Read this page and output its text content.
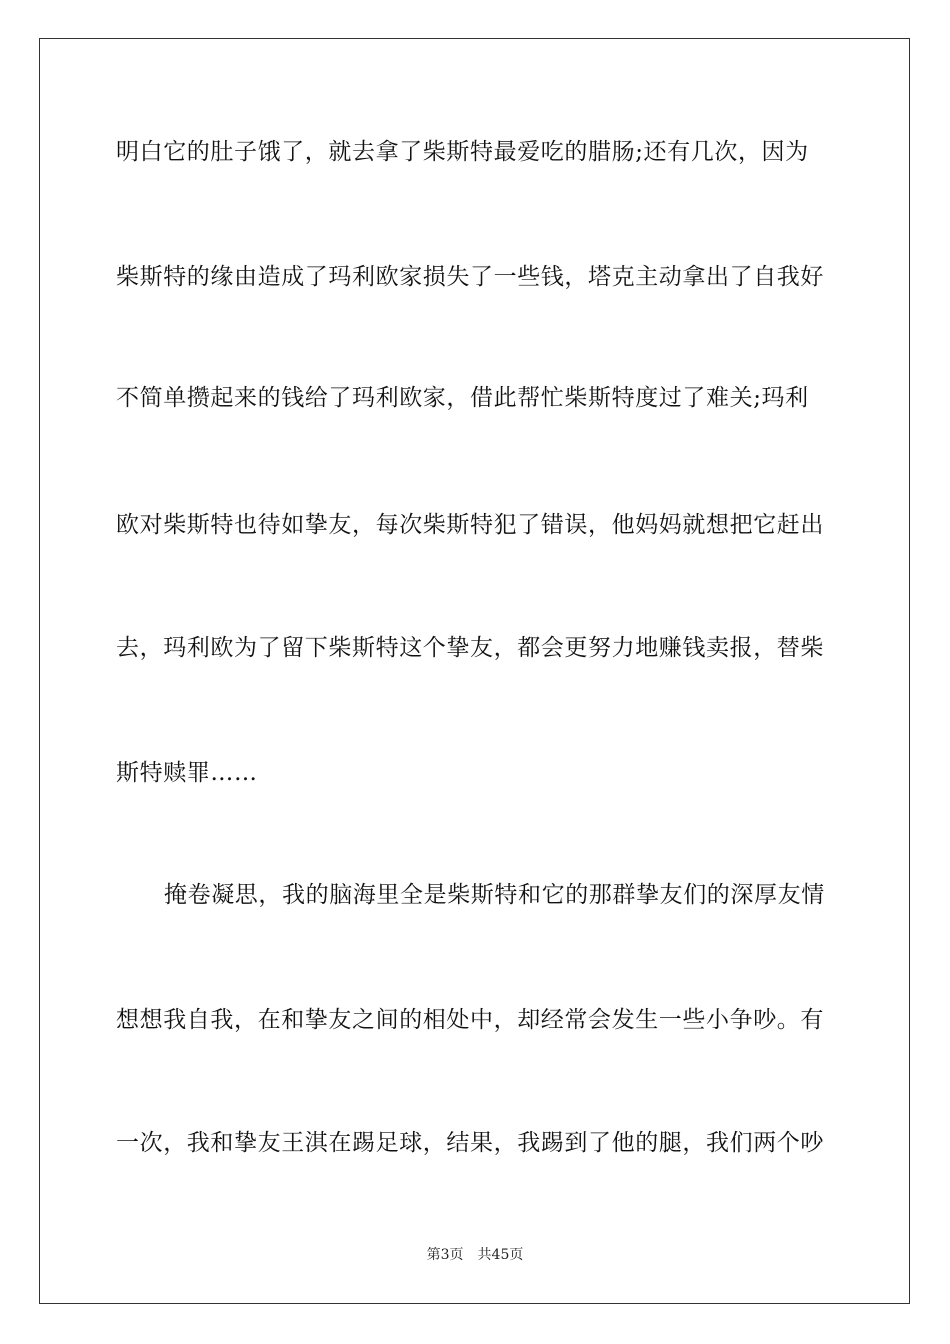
明白它的肚子饿了，就去拿了柴斯特最爱吃的腊肠;还有几次，因为
柴斯特的缘由造成了玛利欧家损失了一些钱，塔克主动拿出了自我好
不简单攒起来的钱给了玛利欧家，借此帮忙柴斯特度过了难关;玛利
欧对柴斯特也待如挚友，每次柴斯特犯了错误，他妈妈就想把它赶出
去，玛利欧为了留下柴斯特这个挚友，都会更努力地赚钱卖报，替柴
斯特赎罪……
掩卷凝思，我的脑海里全是柴斯特和它的那群挚友们的深厚友情
想想我自我，在和挚友之间的相处中，却经常会发生一些小争吵。有
一次，我和挚友王淇在踢足球，结果，我踢到了他的腿，我们两个吵
第3页 共45页
